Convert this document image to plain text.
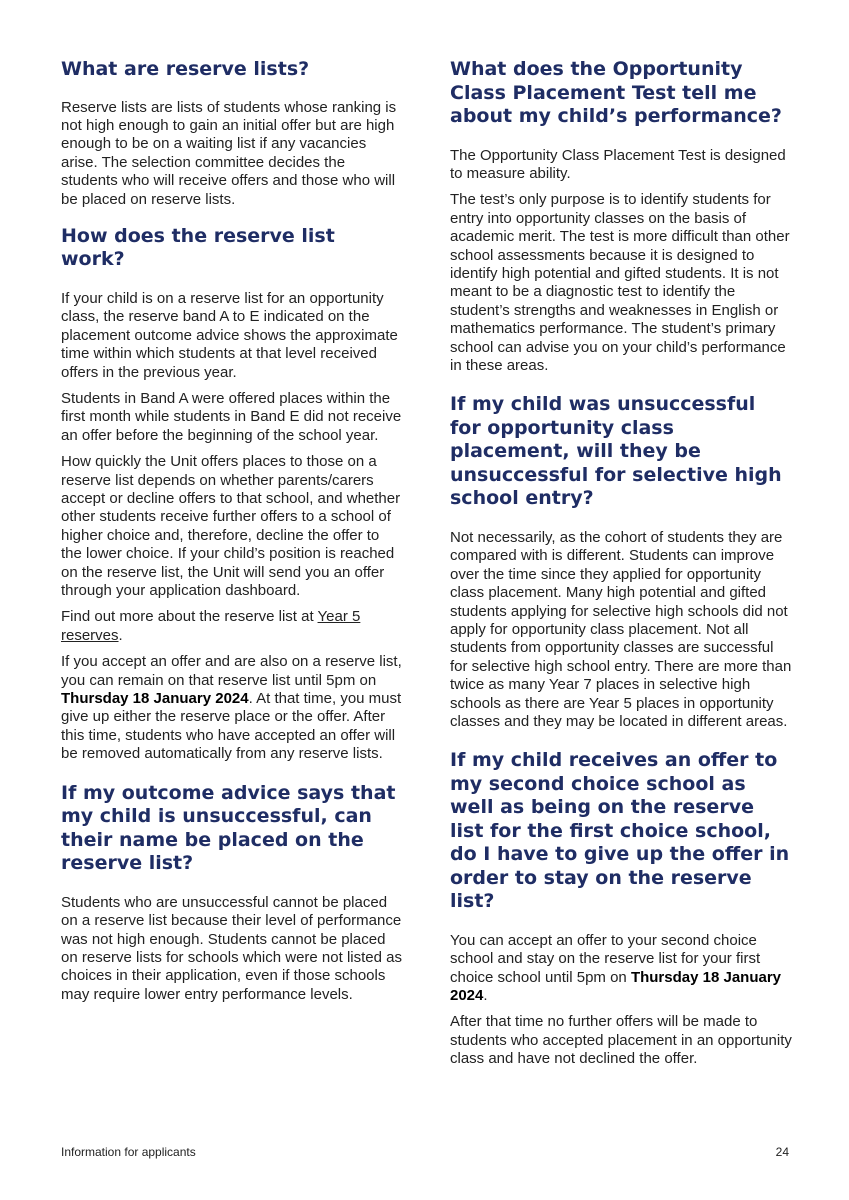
What are reserve lists?

Reserve lists are lists of students whose ranking is not high enough to gain an initial offer but are high enough to be on a waiting list if any vacancies arise. The selection committee decides the students who will receive offers and those who will be placed on reserve lists.

How does the reserve list work?

If your child is on a reserve list for an opportunity class, the reserve band A to E indicated on the placement outcome advice shows the approximate time within which students at that level received offers in the previous year.

Students in Band A were offered places within the first month while students in Band E did not receive an offer before the beginning of the school year.

How quickly the Unit offers places to those on a reserve list depends on whether parents/carers accept or decline offers to that school, and whether other students receive further offers to a school of higher choice and, therefore, decline the offer to the lower choice. If your child’s position is reached on the reserve list, the Unit will send you an offer through your application dashboard.

Find out more about the reserve list at Year 5 reserves.

If you accept an offer and are also on a reserve list, you can remain on that reserve list until 5pm on Thursday 18 January 2024. At that time, you must give up either the reserve place or the offer. After this time, students who have accepted an offer will be removed automatically from any reserve lists.

If my outcome advice says that my child is unsuccessful, can their name be placed on the reserve list?

Students who are unsuccessful cannot be placed on a reserve list because their level of performance was not high enough. Students cannot be placed on reserve lists for schools which were not listed as choices in their application, even if those schools may require lower entry performance levels.

What does the Opportunity Class Placement Test tell me about my child’s performance?

The Opportunity Class Placement Test is designed to measure ability.

The test’s only purpose is to identify students for entry into opportunity classes on the basis of academic merit. The test is more difficult than other school assessments because it is designed to identify high potential and gifted students. It is not meant to be a diagnostic test to identify the student’s strengths and weaknesses in English or mathematics performance. The student’s primary school can advise you on your child’s performance in these areas.

If my child was unsuccessful for opportunity class placement, will they be unsuccessful for selective high school entry?

Not necessarily, as the cohort of students they are compared with is different. Students can improve over the time since they applied for opportunity class placement. Many high potential and gifted students applying for selective high schools did not apply for opportunity class placement. Not all students from opportunity classes are successful for selective high school entry. There are more than twice as many Year 7 places in selective high schools as there are Year 5 places in opportunity classes and they may be located in different areas.

If my child receives an offer to my second choice school as well as being on the reserve list for the first choice school, do I have to give up the offer in order to stay on the reserve list?

You can accept an offer to your second choice school and stay on the reserve list for your first choice school until 5pm on Thursday 18 January 2024.

After that time no further offers will be made to students who accepted placement in an opportunity class and have not declined the offer.

Information for applicants	24
